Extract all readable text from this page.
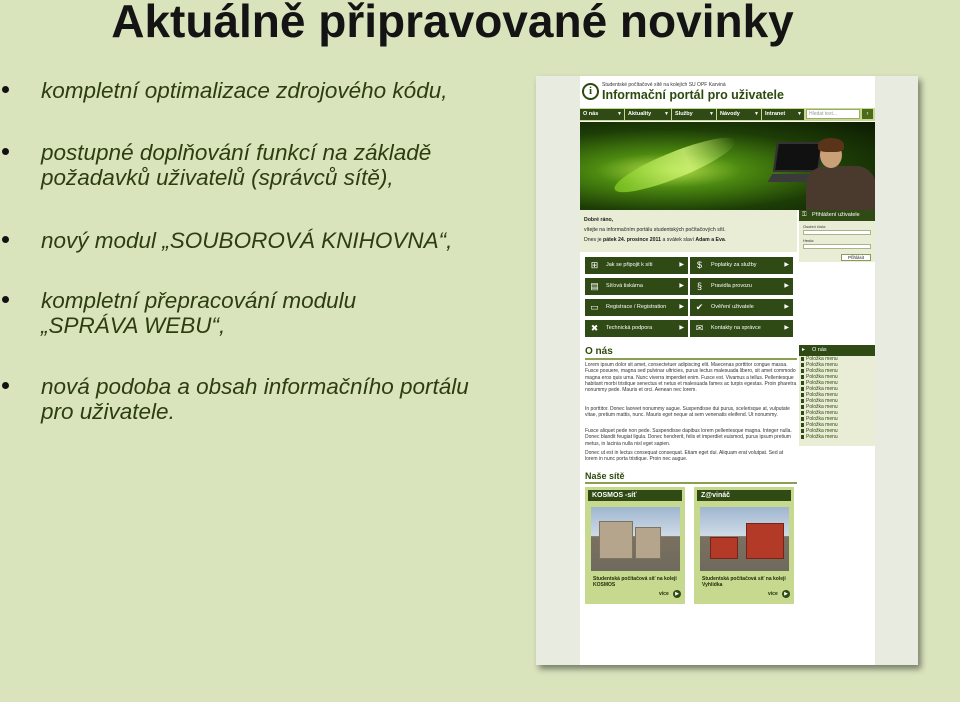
Aktuálně připravované novinky
kompletní optimalizace zdrojového kódu,
postupné doplňování funkcí na základě
požadavků uživatelů (správců sítě),
nový modul „SOUBOROVÁ KNIHOVNA“,
kompletní přepracování modulu
„SPRÁVA WEBU“,
nová podoba a obsah informačního portálu
pro uživatele.
i	Studentské počítačové sítě na kolejích SU OPF Karviná
Informační portál pro uživatele
O nás	▼	Aktuality	▼	Služby	▼	Návody	▼	Intranet ▼	Hledat text...	›
Dobré ráno,
vítejte na informačním portálu studentských počítačových sítí.
Dnes je pátek 24. prosince 2011 a svátek slaví Adam a Eva.
⊞	Jak se připojit k síti	▶	$	Poplatky za služby	▶
▤ Síťová tiskárna	▶	§	Pravidla provozu	▶
▭ Registrace / Registration ▶ ✔	Ověření uživatele	▶
✖	Technická podpora	▶ ✉	Kontakty na správce	▶
O nás
Lorem ipsum dolor sit amet, consectetuer adipiscing elit. Maecenas porttitor congue massa. Fusce posuere, magna sed pulvinar ultricies, purus lectus malesuada libero, sit amet commodo magna eros quis urna. Nunc viverra imperdiet enim. Fusce est. Vivamus a tellus. Pellentesque habitant morbi tristique senectus et netus et malesuada fames ac turpis egestas. Proin pharetra nonummy pede. Mauris et orci. Aenean nec lorem.
In porttitor. Donec laoreet nonummy augue. Suspendisse dui purus, scelerisque at, vulputate vitae, pretium mattis, nunc. Mauris eget neque at sem venenatis eleifend. Ut nonummy.
Fusce aliquet pede non pede. Suspendisse dapibus lorem pellentesque magna. Integer nulla. Donec blandit feugiat ligula. Donec hendrerit, felis et imperdiet euismod, purus ipsum pretium metus, in lacinia nulla nisl eget sapien.
Donec ut est in lectus consequat consequat. Etiam eget dui. Aliquam erat volutpat. Sed at lorem in nunc porta tristique. Proin nec augue.
Naše sítě
KOSMOS -síť
Studentská počítačová síť na koleji KOSMOS
více	▶
Z@vináč
Studentská počítačová síť na koleji Vyhlídka
více	▶
⚿ Přihlášení uživatele
Osobní číslo:
Heslo:
Přihlásit
▸ O nás
Položka menu
Položka menu
Položka menu
Položka menu
Položka menu
Položka menu
Položka menu
Položka menu
Položka menu
Položka menu
Položka menu
Položka menu
Položka menu
Položka menu
